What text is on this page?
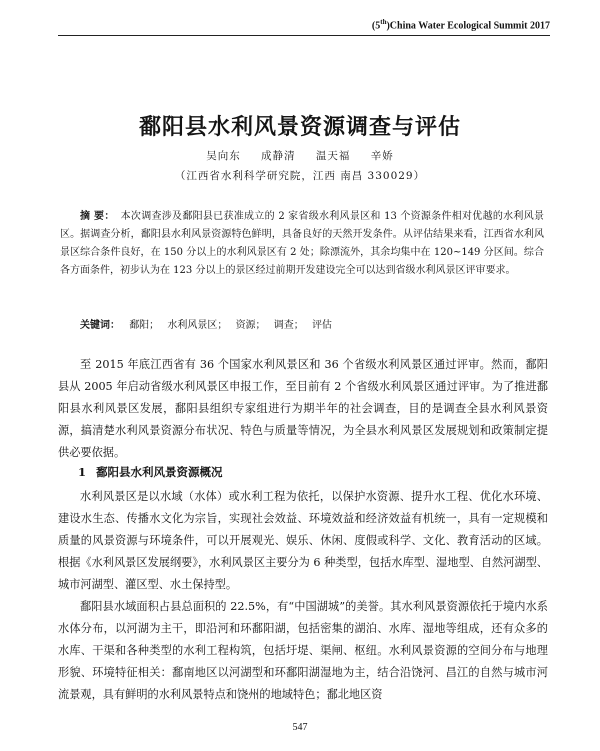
(5th)China Water Ecological Summit 2017
鄱阳县水利风景资源调查与评估
吴向东 成静清 温天福 辛娇
（江西省水利科学研究院，江西 南昌 330029）
摘 要： 本次调查涉及鄱阳县已获准成立的 2 家省级水利风景区和 13 个资源条件相对优越的水利风景区。据调查分析，鄱阳县水利风景资源特色鲜明，具备良好的天然开发条件。从评估结果来看，江西省水利风景区综合条件良好，在 150 分以上的水利风景区有 2 处；除漂流外，其余均集中在 120~149 分区间。综合各方面条件，初步认为在 123 分以上的景区经过前期开发建设完全可以达到省级水利风景区评审要求。
关键词： 鄱阳； 水利风景区； 资源； 调查； 评估

至 2015 年底江西省有 36 个国家水利风景区和 36 个省级水利风景区通过评审。然而，鄱阳县从 2005 年启动省级水利风景区申报工作，至目前有 2 个省级水利风景区通过评审。为了推进鄱阳县水利风景区发展，鄱阳县组织专家组进行为期半年的社会调查，目的是调查全县水利风景资源，搞清楚水利风景资源分布状况、特色与质量等情况，为全县水利风景区发展规划和政策制定提供必要依据。

1 鄱阳县水利风景资源概况

水利风景区是以水域（水体）或水利工程为依托，以保护水资源、提升水工程、优化水环境、建设水生态、传播水文化为宗旨，实现社会效益、环境效益和经济效益有机统一，具有一定规模和质量的风景资源与环境条件，可以开展观光、娱乐、休闲、度假或科学、文化、教育活动的区域。根据《水利风景区发展纲要》，水利风景区主要分为 6 种类型，包括水库型、湿地型、自然河湖型、城市河湖型、灌区型、水土保持型。

鄱阳县水域面积占县总面积的 22.5%，有“中国湖城”的美誉。其水利风景资源依托于境内水系水体分布，以河湖为主干，即沿河和环鄱阳湖，包括密集的湖泊、水库、湿地等组成，还有众多的水库、干渠和各种类型的水利工程构筑，包括圩堤、渠闸、枢纽。水利风景资源的空间分布与地理形貌、环境特征相关：鄱南地区以河湖型和环鄱阳湖湿地为主，结合沿饶河、昌江的自然与城市河流景观，具有鲜明的水利风景特点和饶州的地域特色；鄱北地区资

547
